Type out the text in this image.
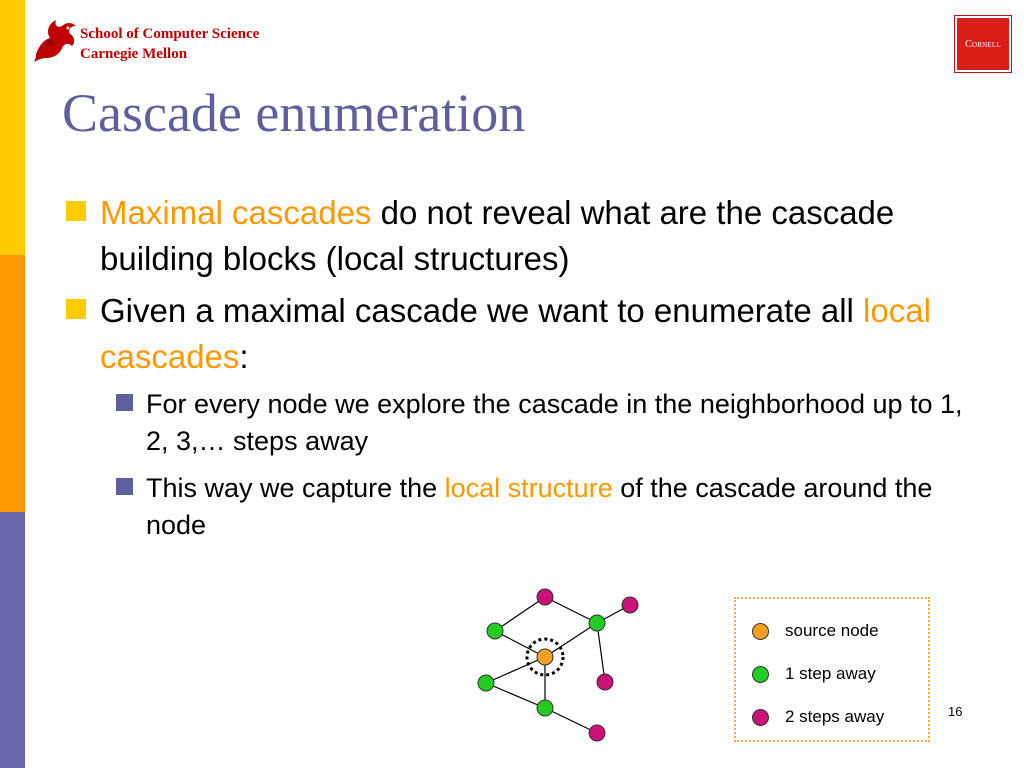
School of Computer Science
Carnegie Mellon
Cornell
Cascade enumeration
Maximal cascades do not reveal what are the cascade building blocks (local structures)
Given a maximal cascade we want to enumerate all local cascades:
For every node we explore the cascade in the neighborhood up to 1, 2, 3,… steps away
This way we capture the local structure of the cascade around the node
source node
1 step away
2 steps away	16
